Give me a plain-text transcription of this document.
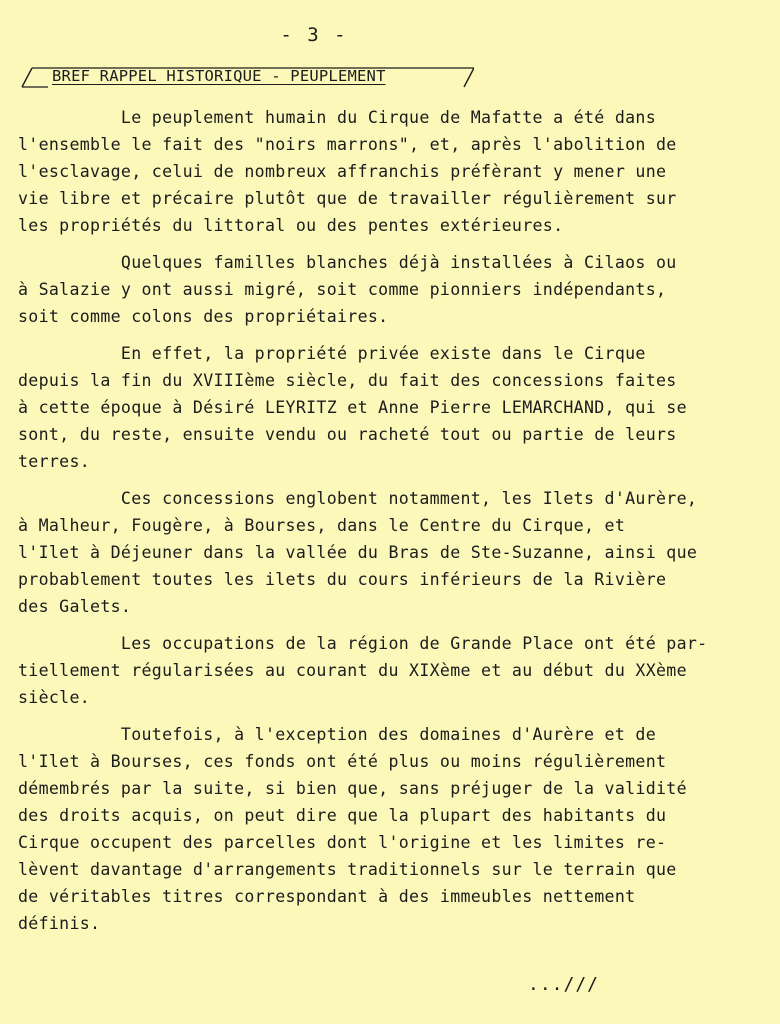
- 3 -
BREF RAPPEL HISTORIQUE - PEUPLEMENT
Le peuplement humain du Cirque de Mafatte a été dans
l'ensemble le fait des "noirs marrons", et, après l'abolition de
l'esclavage, celui de nombreux affranchis préfèrant y mener une
vie libre et précaire plutôt que de travailler régulièrement sur
les propriétés du littoral ou des pentes extérieures.
Quelques familles blanches déjà installées à Cilaos ou
à Salazie y ont aussi migré, soit comme pionniers indépendants,
soit comme colons des propriétaires.
En effet, la propriété privée existe dans le Cirque
depuis la fin du XVIIIème siècle, du fait des concessions faites
à cette époque à Désiré LEYRITZ et Anne Pierre LEMARCHAND, qui se
sont, du reste, ensuite vendu ou racheté tout ou partie de leurs
terres.
Ces concessions englobent notamment, les Ilets d'Aurère,
à Malheur, Fougère, à Bourses, dans le Centre du Cirque, et
l'Ilet à Déjeuner dans la vallée du Bras de Ste-Suzanne, ainsi que
probablement toutes les ilets du cours inférieurs de la Rivière
des Galets.
Les occupations de la région de Grande Place ont été par-
tiellement régularisées au courant du XIXème et au début du XXème
siècle.
Toutefois, à l'exception des domaines d'Aurère et de
l'Ilet à Bourses, ces fonds ont été plus ou moins régulièrement
démembrés par la suite, si bien que, sans préjuger de la validité
des droits acquis, on peut dire que la plupart des habitants du
Cirque occupent des parcelles dont l'origine et les limites re-
lèvent davantage d'arrangements traditionnels sur le terrain que
de véritables titres correspondant à des immeubles nettement
définis.
...///
